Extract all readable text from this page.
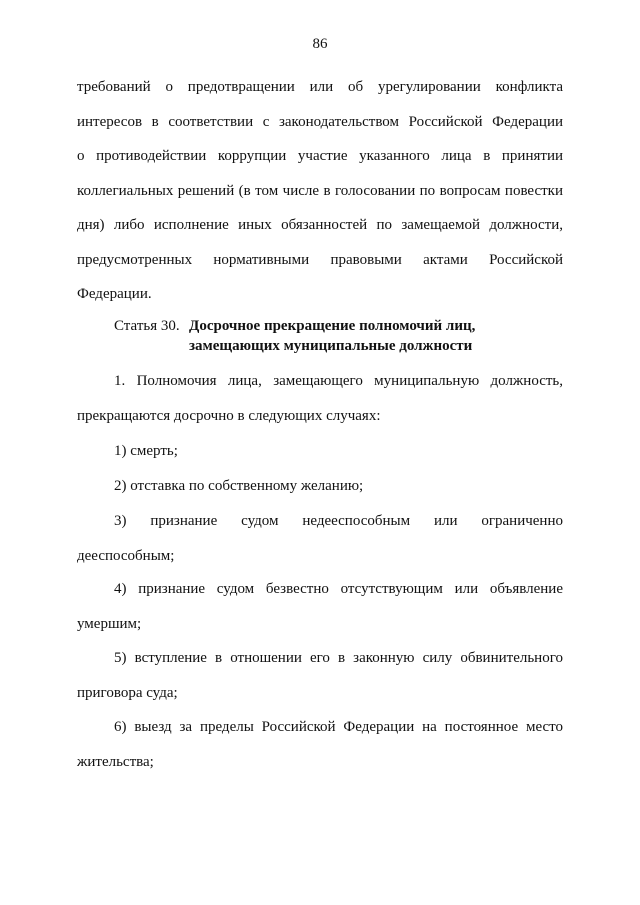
86
требований о предотвращении или об урегулировании конфликта
интересов в соответствии с законодательством Российской Федерации
о противодействии коррупции участие указанного лица в принятии
коллегиальных решений (в том числе в голосовании по вопросам повестки
дня) либо исполнение иных обязанностей по замещаемой должности,
предусмотренных нормативными правовыми актами Российской
Федерации.
Статья 30. Досрочное прекращение полномочий лиц,
замещающих муниципальные должности
1. Полномочия лица, замещающего муниципальную должность,
прекращаются досрочно в следующих случаях:
1) смерть;
2) отставка по собственному желанию;
3) признание судом недееспособным или ограниченно
дееспособным;
4) признание судом безвестно отсутствующим или объявление
умершим;
5) вступление в отношении его в законную силу обвинительного
приговора суда;
6) выезд за пределы Российской Федерации на постоянное место
жительства;
